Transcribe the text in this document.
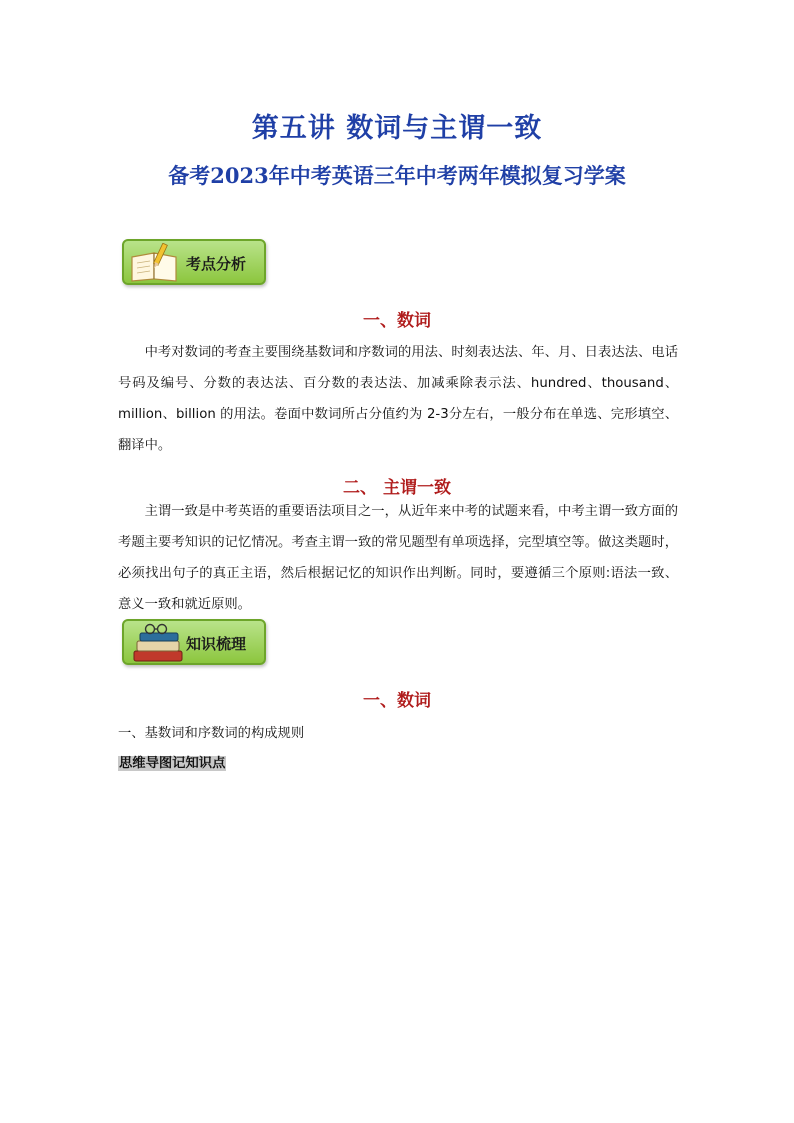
第五讲 数词与主谓一致
备考2023年中考英语三年中考两年模拟复习学案
考点分析
一、数词
中考对数词的考查主要围绕基数词和序数词的用法、时刻表达法、年、月、日表达法、电话号码及编号、分数的表达法、百分数的表达法、加减乘除表示法、hundred、thousand、million、billion 的用法。卷面中数词所占分值约为 2-3分左右，一般分布在单选、完形填空、翻译中。
二、 主谓一致
主谓一致是中考英语的重要语法项目之一，从近年来中考的试题来看，中考主谓一致方面的考题主要考知识的记忆情况。考查主谓一致的常见题型有单项选择，完型填空等。做这类题时，必须找出句子的真正主语，然后根据记忆的知识作出判断。同时，要遵循三个原则:语法一致、意义一致和就近原则。
知识梳理
一、数词
一、基数词和序数词的构成规则
思维导图记知识点
